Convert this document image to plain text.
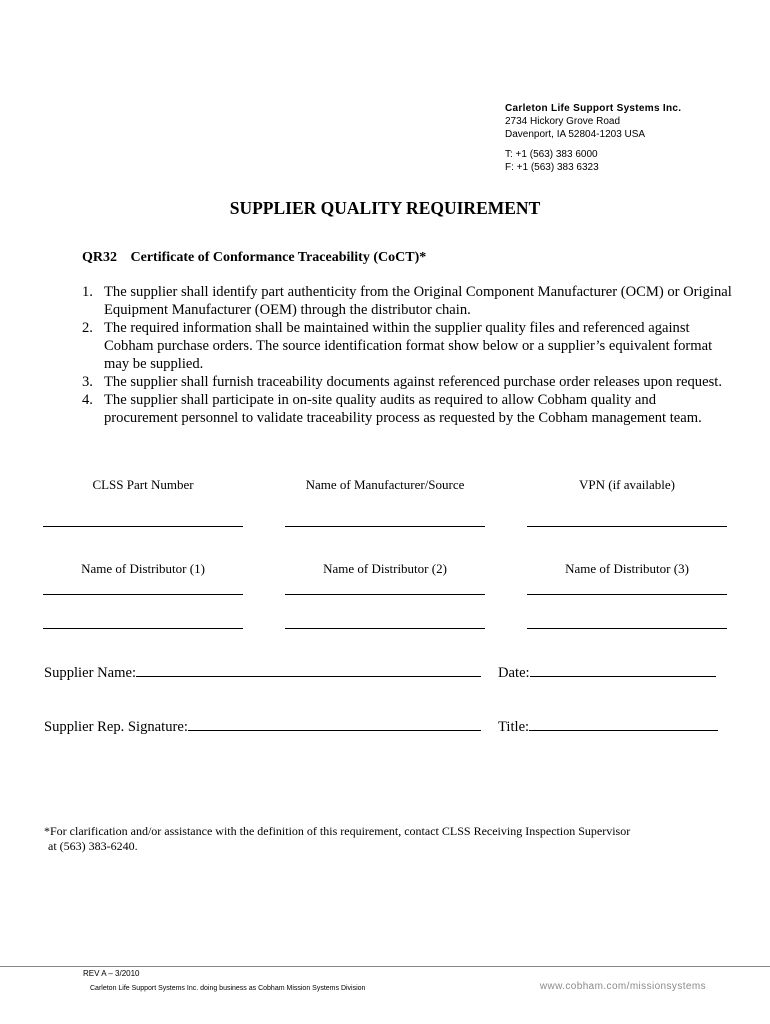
Carleton Life Support Systems Inc.
2734 Hickory Grove Road
Davenport, IA 52804-1203 USA
T: +1 (563) 383 6000
F: +1 (563) 383 6323
SUPPLIER QUALITY REQUIREMENT
QR32 Certificate of Conformance Traceability (CoCT)*
1. The supplier shall identify part authenticity from the Original Component Manufacturer (OCM) or Original Equipment Manufacturer (OEM) through the distributor chain.
2. The required information shall be maintained within the supplier quality files and referenced against Cobham purchase orders. The source identification format show below or a supplier’s equivalent format may be supplied.
3. The supplier shall furnish traceability documents against referenced purchase order releases upon request.
4. The supplier shall participate in on-site quality audits as required to allow Cobham quality and procurement personnel to validate traceability process as requested by the Cobham management team.
CLSS Part Number	Name of Manufacturer/Source	VPN (if available)
Name of Distributor (1)	Name of Distributor (2)	Name of Distributor (3)
Supplier Name:	Date:
Supplier Rep. Signature:	Title:
*For clarification and/or assistance with the definition of this requirement, contact CLSS Receiving Inspection Supervisor
at (563) 383-6240.
REV A – 3/2010
Carleton Life Support Systems Inc. doing business as Cobham Mission Systems Division	www.cobham.com/missionsystems
